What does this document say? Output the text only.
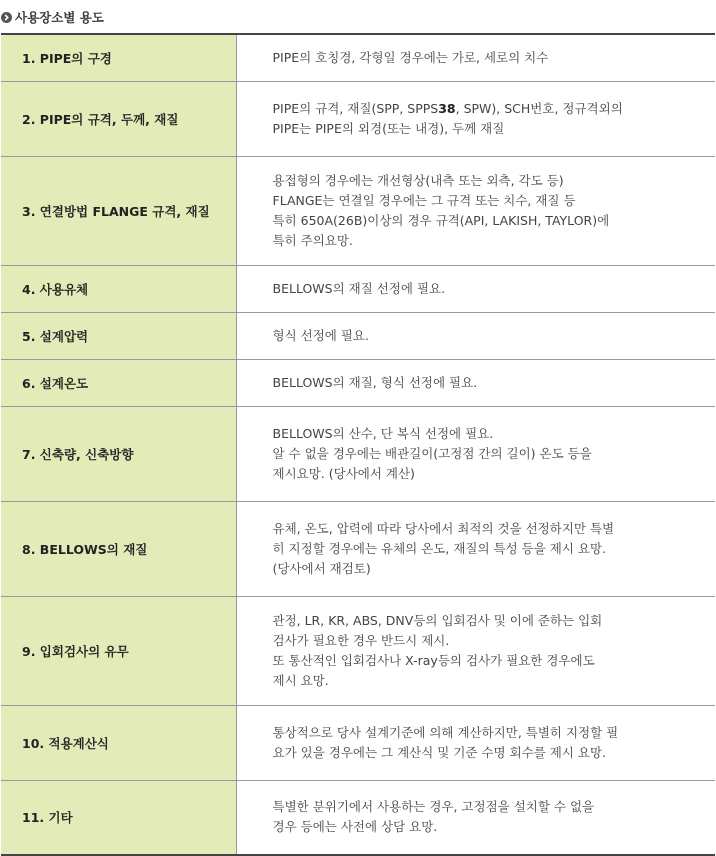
사용장소별 용도
1. PIPE의 구경	PIPE의 호칭경, 각형일 경우에는 가로, 세로의 치수

2. PIPE의 규격, 두께, 재질	PIPE의 규격, 재질(SPP, SPPS38, SPW), SCH번호, 정규격외의
PIPE는 PIPE의 외경(또는 내경), 두께 재질

3. 연결방법 FLANGE 규격, 재질	용접형의 경우에는 개선형상(내측 또는 외측, 각도 등)
FLANGE는 연결일 경우에는 그 규격 또는 치수, 재질 등
특히 650A(26B)이상의 경우 규격(API, LAKISH, TAYLOR)에
특히 주의요망.

4. 사용유체	BELLOWS의 재질 선정에 필요.

5. 설계압력	형식 선정에 필요.

6. 설계온도	BELLOWS의 재질, 형식 선정에 필요.

7. 신축량, 신축방향	BELLOWS의 산수, 단 복식 선정에 필요.
알 수 없을 경우에는 배관길이(고정점 간의 길이) 온도 등을
제시요망. (당사에서 계산)

8. BELLOWS의 재질	유체, 온도, 압력에 따라 당사에서 최적의 것을 선정하지만 특별
히 지정할 경우에는 유체의 온도, 재질의 특성 등을 제시 요망.
(당사에서 재검토)

9. 입회검사의 유무	관정, LR, KR, ABS, DNV등의 입회검사 및 이에 준하는 입회
검사가 필요한 경우 반드시 제시.
또 통산적인 입회검사나 X-ray등의 검사가 필요한 경우에도
제시 요망.

10. 적용계산식	통상적으로 당사 설계기준에 의해 계산하지만, 특별히 지정할 필
요가 있을 경우에는 그 계산식 및 기준 수명 회수를 제시 요망.

11. 기타	특별한 분위기에서 사용하는 경우, 고정점을 설치할 수 없을
경우 등에는 사전에 상담 요망.
